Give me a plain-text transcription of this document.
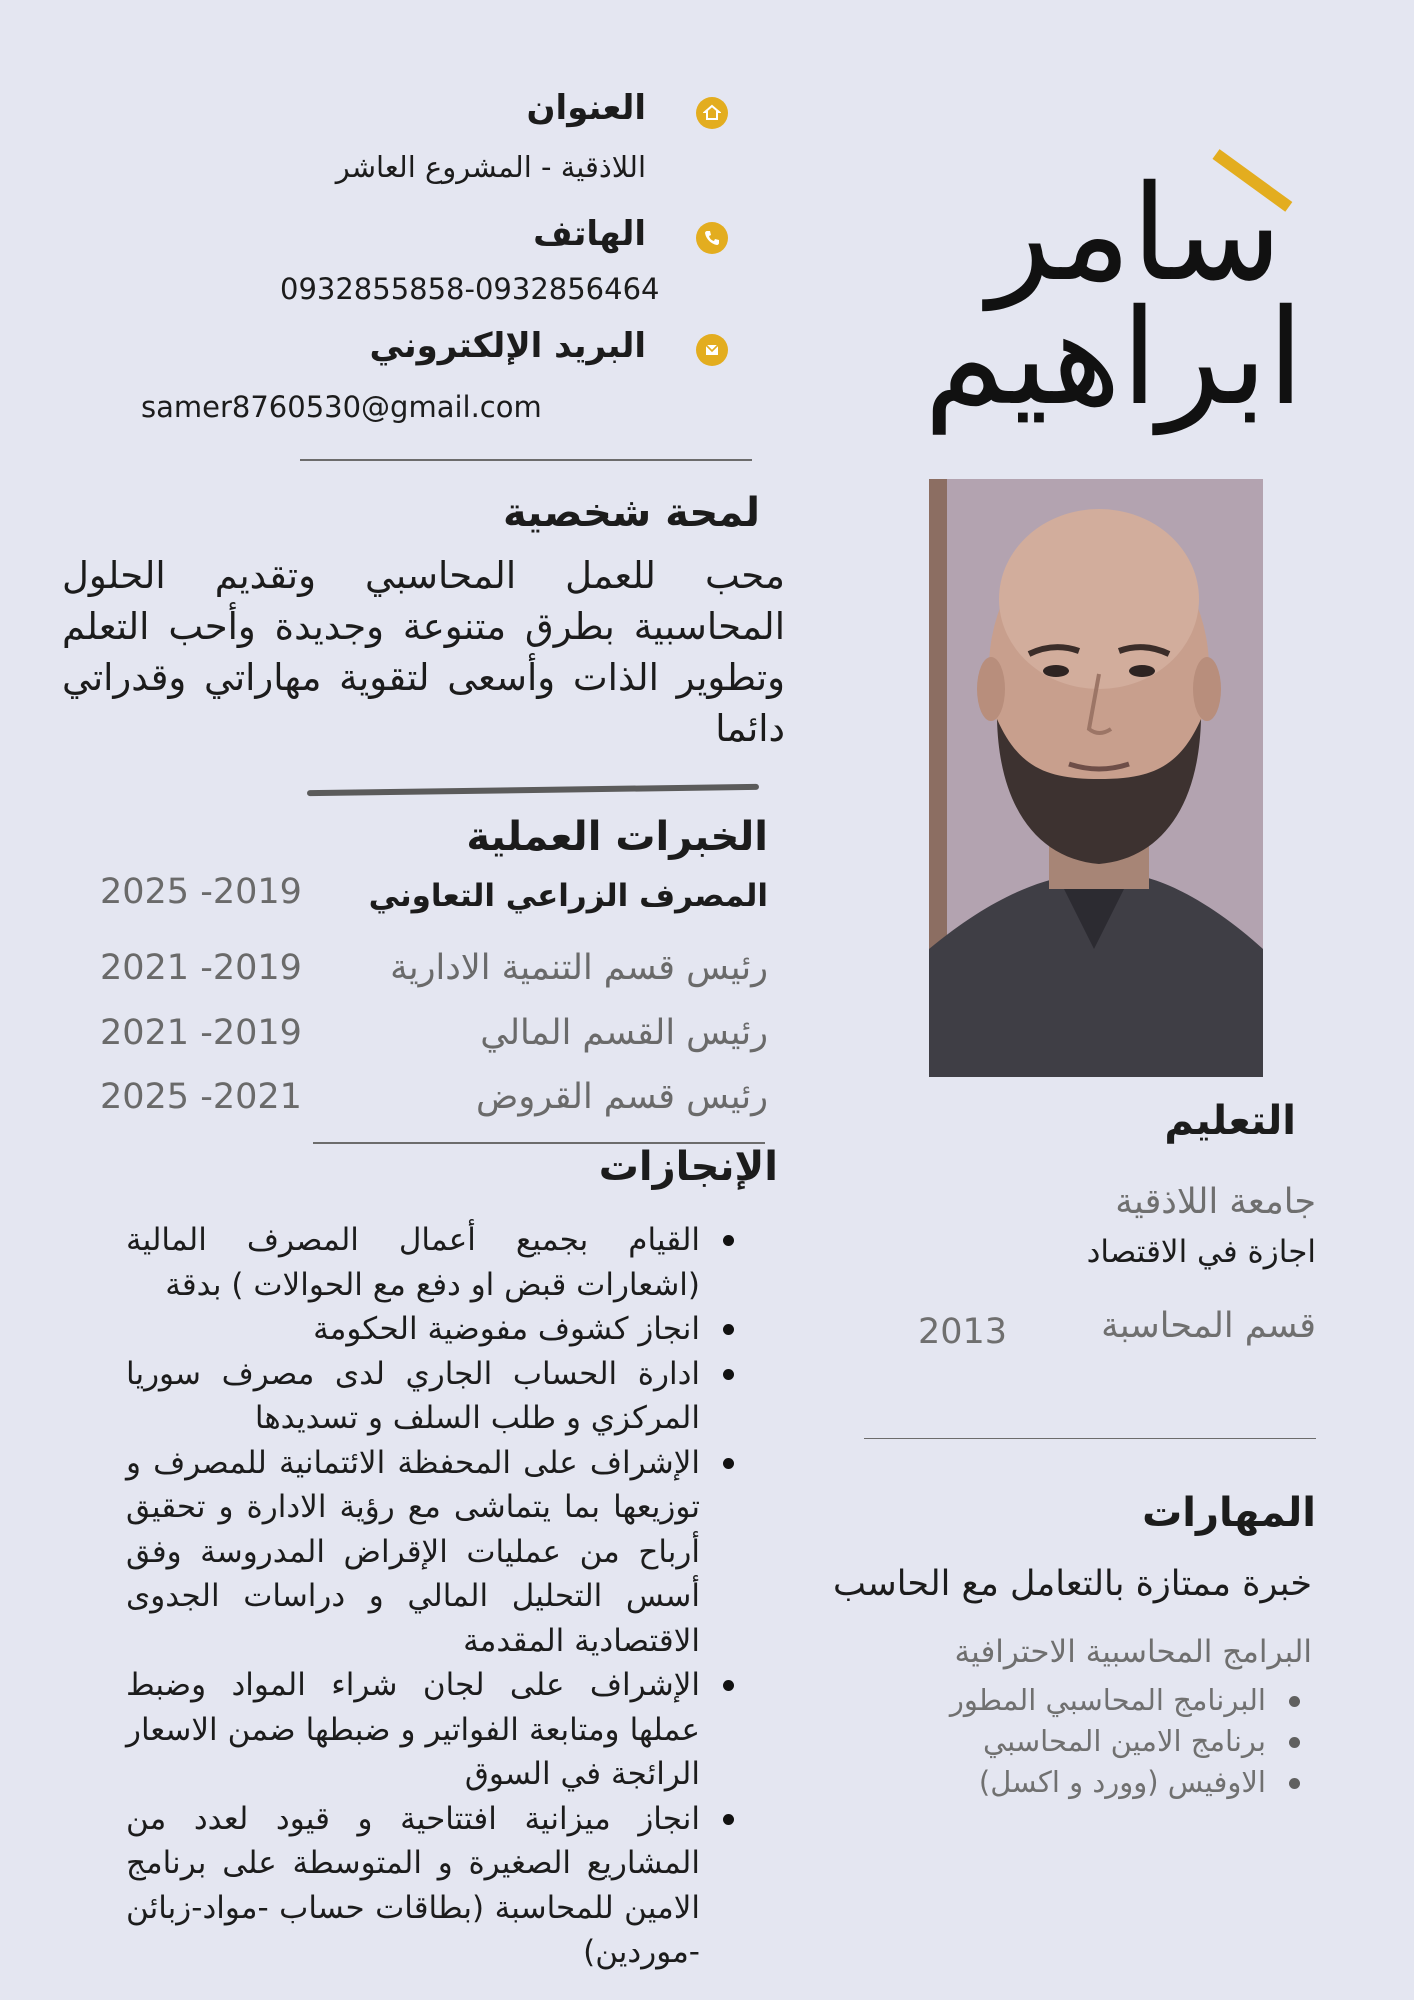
العنوان
اللاذقية - المشروع العاشر
الهاتف
0932855858-0932856464
البريد الإلكتروني
samer8760530@gmail.com
لمحة شخصية
محب للعمل المحاسبي وتقديم الحلول المحاسبية بطرق متنوعة وجديدة وأحب التعلم وتطوير الذات وأسعى لتقوية مهاراتي وقدراتي دائما
الخبرات العملية
المصرف الزراعي التعاوني
2025 -2019
رئيس قسم التنمية الادارية
2021 -2019
رئيس القسم المالي
2021 -2019
رئيس قسم القروض
2025 -2021
الإنجازات
القيام بجميع أعمال المصرف المالية (اشعارات قبض او دفع مع الحوالات ) بدقة
انجاز كشوف مفوضية الحكومة
ادارة الحساب الجاري لدى مصرف سوريا المركزي و طلب السلف و تسديدها
الإشراف على المحفظة الائتمانية للمصرف و توزيعها بما يتماشى مع رؤية الادارة و تحقيق أرباح من عمليات الإقراض المدروسة وفق أسس التحليل المالي و دراسات الجدوى الاقتصادية المقدمة
الإشراف على لجان شراء المواد وضبط عملها ومتابعة الفواتير و ضبطها ضمن الاسعار الرائجة في السوق
انجاز ميزانية افتتاحية و قيود لعدد من المشاريع الصغيرة و المتوسطة على برنامج الامين للمحاسبة (بطاقات حساب -مواد-زبائن -موردين)
سامر
ابراهيم
التعليم
جامعة اللاذقية
اجازة في الاقتصاد
قسم المحاسبة
2013
المهارات
خبرة ممتازة بالتعامل مع الحاسب
البرامج المحاسبية الاحترافية
البرنامج المحاسبي المطور
برنامج الامين المحاسبي
الاوفيس (وورد و اكسل)
